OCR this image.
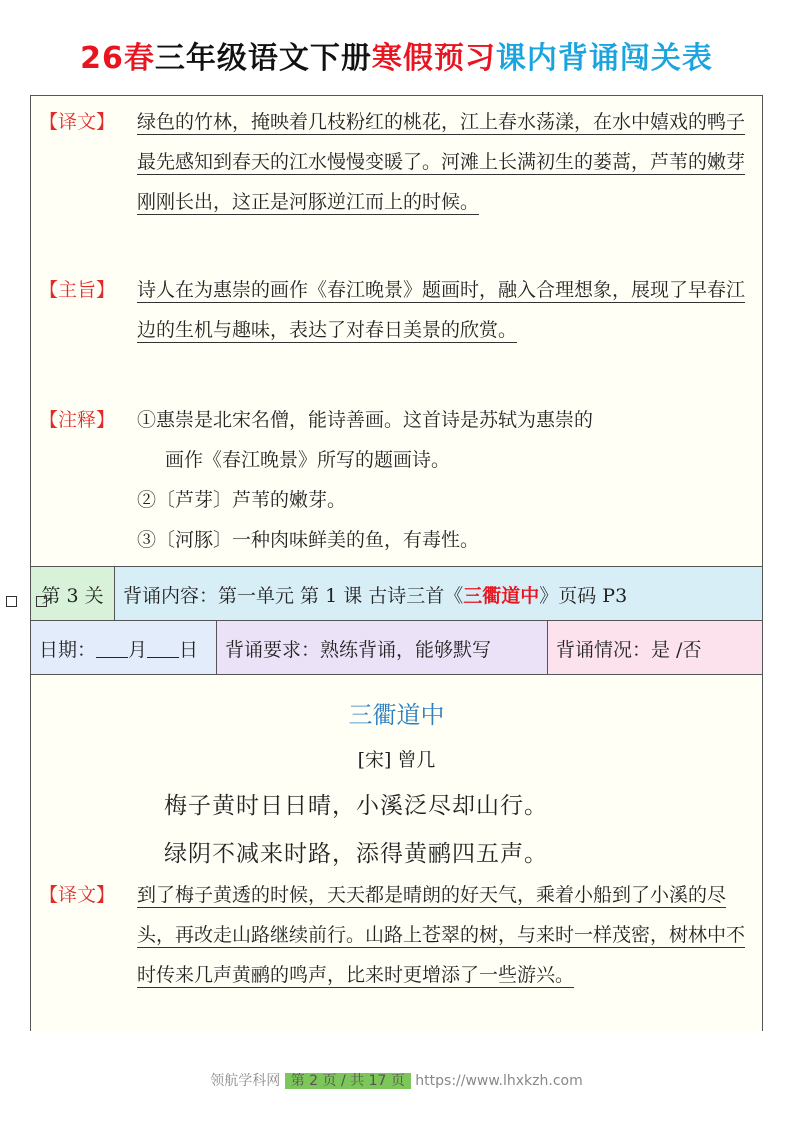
26春三年级语文下册寒假预习课内背诵闯关表
【译文】 绿色的竹林，掩映着几枝粉红的桃花，江上春水荡漾，在水中嬉戏的鸭子最先感知到春天的江水慢慢变暖了。河滩上长满初生的蒌蒿，芦苇的嫩芽刚刚长出，这正是河豚逆江而上的时候。
【主旨】 诗人在为惠崇的画作《春江晚景》题画时，融入合理想象，展现了早春江边的生机与趣味，表达了对春日美景的欣赏。
【注释】 ①惠崇是北宋名僧，能诗善画。这首诗是苏轼为惠崇的
画作《春江晚景》所写的题画诗。
②〔芦芽〕芦苇的嫩芽。
③〔河豚〕一种肉味鲜美的鱼，有毒性。
第 3 关	背诵内容：第一单元 第 1 课 古诗三首《 三衢道中 》页码 P3
日期： 月 日	背诵要求：熟练背诵，能够默写	背诵情况：是 /否
三衢道中
[宋] 曾几
梅子黄时日日晴，小溪泛尽却山行。
绿阴不减来时路，添得黄鹂四五声。
【译文】 到了梅子黄透的时候，天天都是晴朗的好天气，乘着小船到了小溪的尽头，再改走山路继续前行。山路上苍翠的树，与来时一样茂密，树林中不时传来几声黄鹂的鸣声，比来时更增添了一些游兴。
领航学科网 第 2 页 / 共 17 页 https://www.lhxkzh.com
